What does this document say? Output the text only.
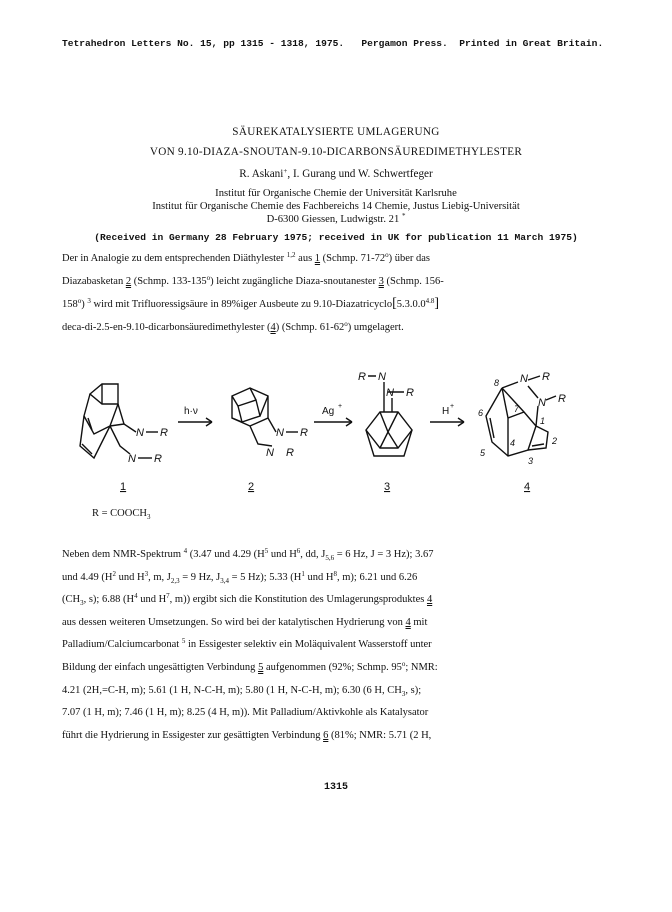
Tetrahedron Letters No. 15, pp 1315 - 1318, 1975. Pergamon Press. Printed in Great Britain.
SÄUREKATALYSIERTE UMLAGERUNG
VON 9.10-DIAZA-SNOUTAN-9.10-DICARBONSÄUREDIMETHYLESTER
R. Askani+, I. Gurang und W. Schwertfeger
Institut für Organische Chemie der Universität Karlsruhe
Institut für Organische Chemie des Fachbereichs 14 Chemie, Justus Liebig-Universität
D-6300 Giessen, Ludwigstr. 21 *
(Received in Germany 28 February 1975; received in UK for publication 11 March 1975)

Der in Analogie zu dem entsprechenden Diäthylester $^{1,2}$ aus 1 (Schmp. 71-72$^o$) über das

Diazabasketan 2 (Schmp. 133-135$^o$) leicht zugängliche Diaza-snoutanester 3 (Schmp. 156-

158$^o$) $^3$ wird mit Trifluoressigsäure in 89%iger Ausbeute zu $9.10-Diazatricyclo[5.3.0.0^{4.8}]$

deca-di-2.5-en-9.10-dicarbonsäuredimethylester (4) (Schmp. 61-62$^o$) umgelagert.

N R
N R
1
h·ν
N R
N R
2
Ag +
R N
N R
3
H +
N R
N R
8
7
1
6
5
4
3
2
4
$R = COOCH_3$

Neben dem NMR-Spektrum $^4$ (3.47 und 4.29 ($H^5$ und $H^6$, dd, $J_{5,6} = 6$ Hz, J = 3 Hz); 3.67

und 4.49 ($H^2$ und $H^3$, m, $J_{2,3} = 9$ Hz, $J_{3,4} = 5$ Hz); 5.33 ($H^1$ und $H^8$, m); 6.21 und 6.26

($CH_3$, s); 6.88 ($H^4$ und $H^7$, m)) ergibt sich die Konstitution des Umlagerungsproduktes 4

aus dessen weiteren Umsetzungen. So wird bei der katalytischen Hydrierung von 4 mit

Palladium/Calciumcarbonat $^5$ in Essigester selektiv ein Moläquivalent Wasserstoff unter

Bildung der einfach ungesättigten Verbindung 5 aufgenommen (92%; Schmp. 95$^o$; NMR:

4.21 (2H,=C-H, m); 5.61 (1 H, N-C-H, m); 5.80 (1 H, N-C-H, m); 6.30 (6 H, $CH_3$, s);

7.07 (1 H, m); 7.46 (1 H, m); 8.25 (4 H, m)). Mit Palladium/Aktivkohle als Katalysator

führt die Hydrierung in Essigester zur gesättigten Verbindung 6 (81%; NMR: 5.71 (2 H,

1315
